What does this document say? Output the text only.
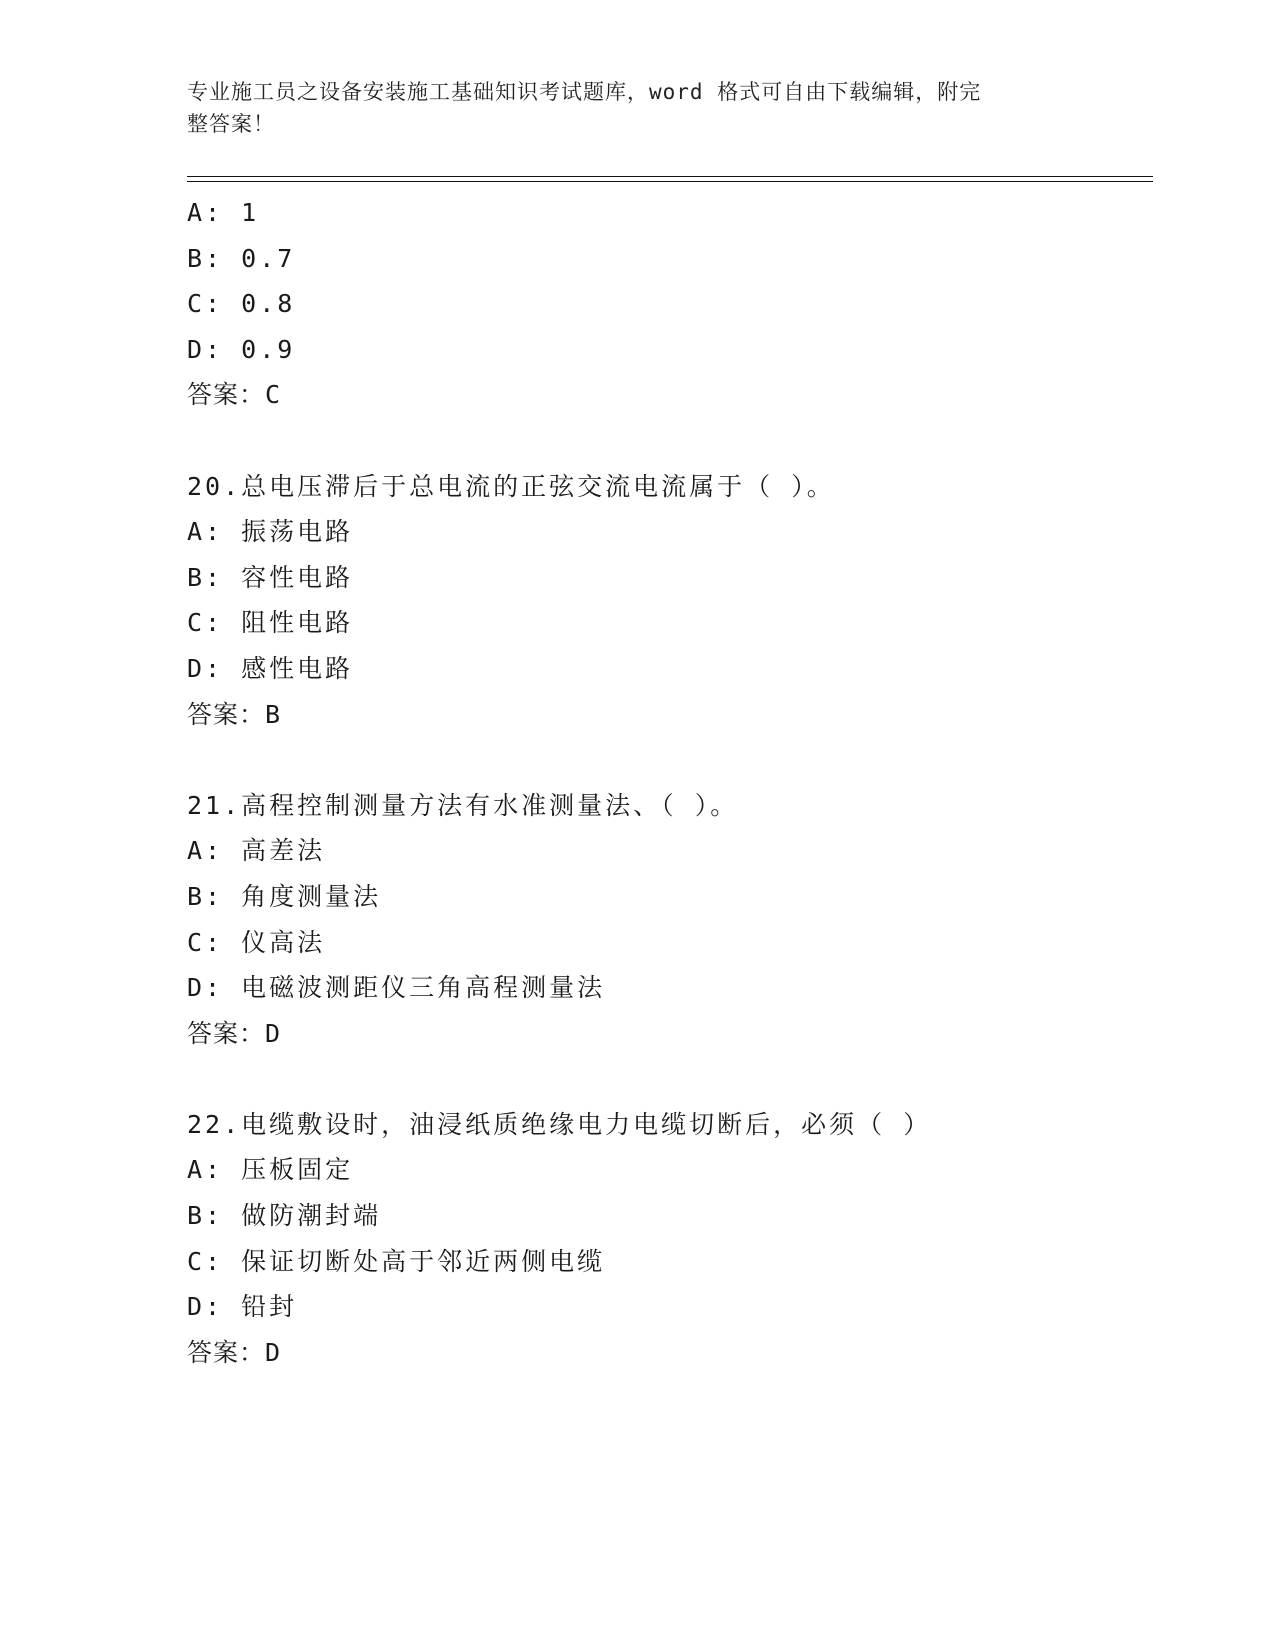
专业施工员之设备安装施工基础知识考试题库，word 格式可自由下载编辑，附完
整答案！
A: 1
B: 0.7
C: 0.8
D: 0.9
答案：C
20.总电压滞后于总电流的正弦交流电流属于（ ）。
A: 振荡电路
B: 容性电路
C: 阻性电路
D: 感性电路
答案：B
21.高程控制测量方法有水准测量法、（ ）。
A: 高差法
B: 角度测量法
C: 仪高法
D: 电磁波测距仪三角高程测量法
答案：D
22.电缆敷设时，油浸纸质绝缘电力电缆切断后，必须（ ）
A: 压板固定
B: 做防潮封端
C: 保证切断处高于邻近两侧电缆
D: 铅封
答案：D
